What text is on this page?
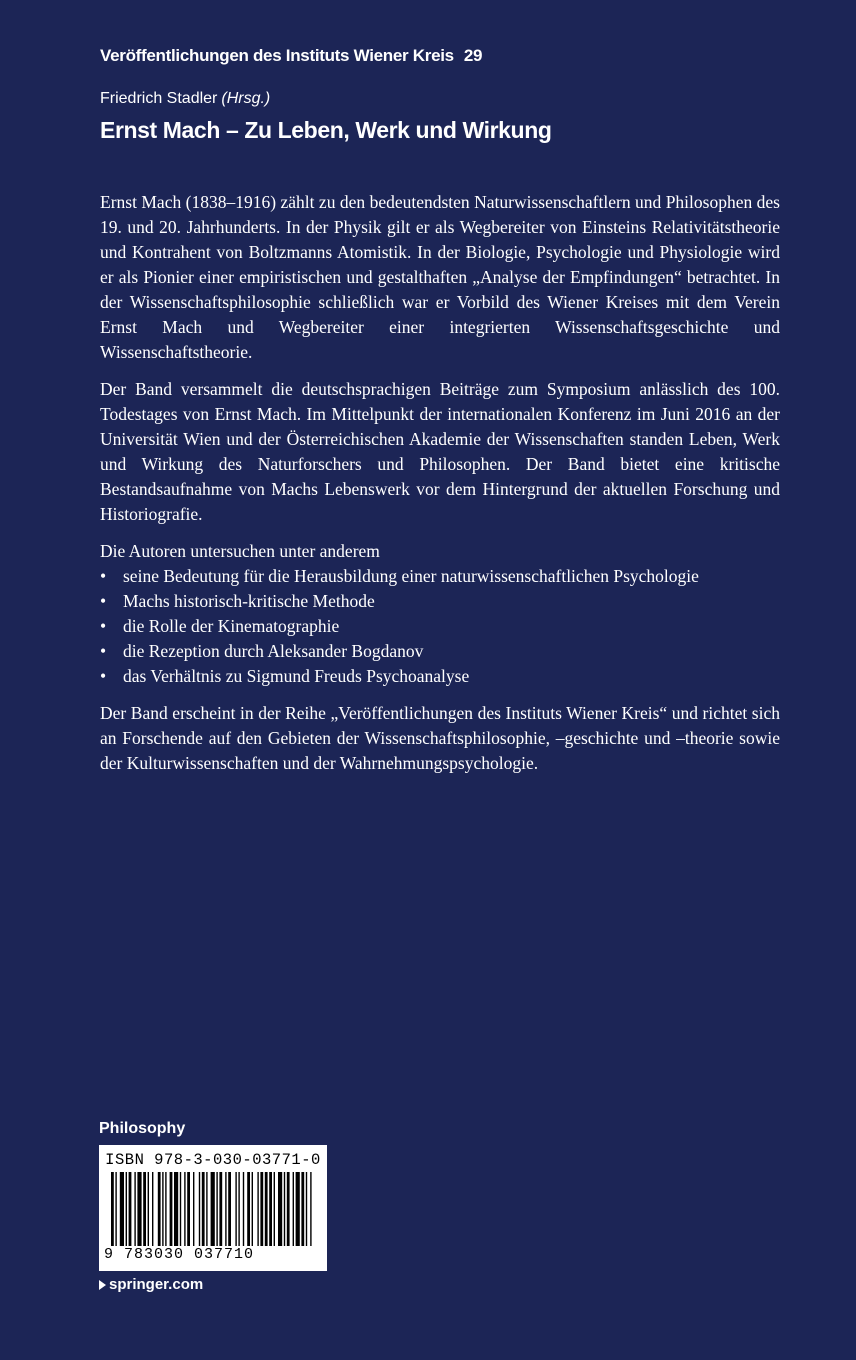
Veröffentlichungen des Instituts Wiener Kreis 29
Friedrich Stadler (Hrsg.)
Ernst Mach – Zu Leben, Werk und Wirkung

Ernst Mach (1838–1916) zählt zu den bedeutendsten Naturwissenschaftlern und Philosophen des 19. und 20. Jahrhunderts. In der Physik gilt er als Wegbereiter von Einsteins Relativitätstheorie und Kontrahent von Boltzmanns Atomistik. In der Biologie, Psychologie und Physiologie wird er als Pionier einer empiristischen und gestalthaften „Analyse der Empfindungen“ betrachtet. In der Wissenschaftsphilosophie schließlich war er Vorbild des Wiener Kreises mit dem Verein Ernst Mach und Wegbereiter einer integrierten Wissenschaftsgeschichte und Wissenschaftstheorie.

Der Band versammelt die deutschsprachigen Beiträge zum Symposium anlässlich des 100. Todestages von Ernst Mach. Im Mittelpunkt der internationalen Konferenz im Juni 2016 an der Universität Wien und der Österreichischen Akademie der Wissenschaften standen Leben, Werk und Wirkung des Naturforschers und Philosophen. Der Band bietet eine kritische Bestandsaufnahme von Machs Lebenswerk vor dem Hintergrund der aktuellen Forschung und Historiografie.

Die Autoren untersuchen unter anderem

• seine Bedeutung für die Herausbildung einer naturwissenschaftlichen Psychologie
• Machs historisch-kritische Methode
• die Rolle der Kinematographie
• die Rezeption durch Aleksander Bogdanov
• das Verhältnis zu Sigmund Freuds Psychoanalyse

Der Band erscheint in der Reihe „Veröffentlichungen des Instituts Wiener Kreis“ und richtet sich an Forschende auf den Gebieten der Wissenschaftsphilosophie, –geschichte und –theorie sowie der Kulturwissenschaften und der Wahrnehmungspsychologie.

Philosophy
ISBN 978-3-030-03771-0
9 783030 037710
springer.com
